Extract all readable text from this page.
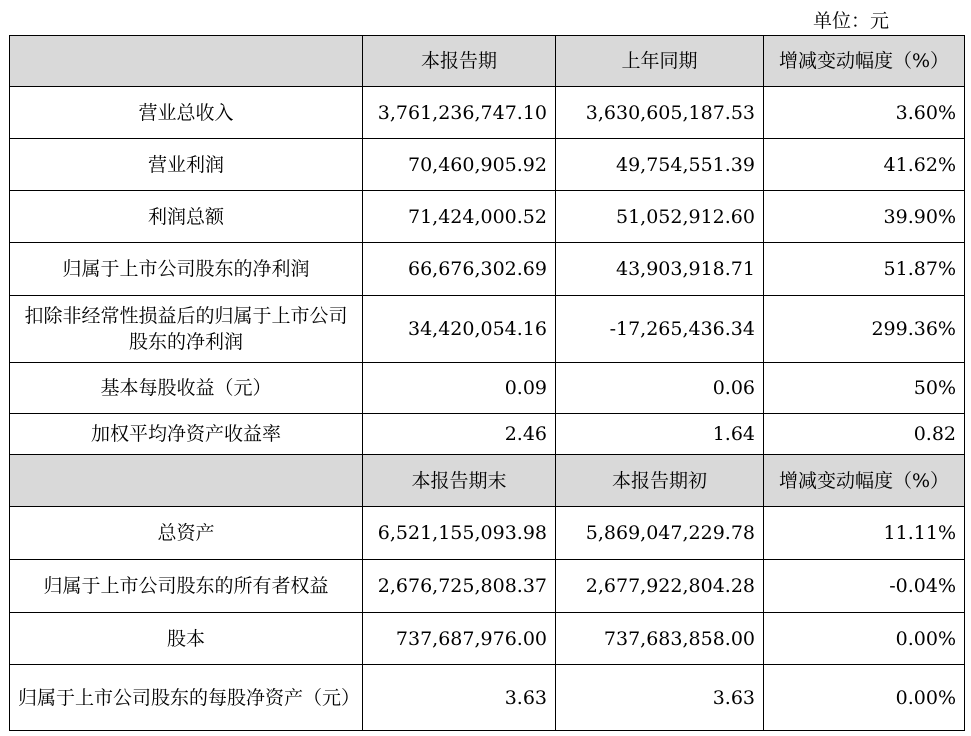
单位：元
	本报告期	上年同期	增减变动幅度（%）
营业总收入	3,761,236,747.10	3,630,605,187.53	3.60%
营业利润	70,460,905.92	49,754,551.39	41.62%
利润总额	71,424,000.52	51,052,912.60	39.90%
归属于上市公司股东的净利润	66,676,302.69	43,903,918.71	51.87%
扣除非经常性损益后的归属于上市公司股东的净利润	34,420,054.16	-17,265,436.34	299.36%
基本每股收益（元）	0.09	0.06	50%
加权平均净资产收益率	2.46	1.64	0.82
	本报告期末	本报告期初	增减变动幅度（%）
总资产	6,521,155,093.98	5,869,047,229.78	11.11%
归属于上市公司股东的所有者权益	2,676,725,808.37	2,677,922,804.28	-0.04%
股本	737,687,976.00	737,683,858.00	0.00%
归属于上市公司股东的每股净资产（元）	3.63	3.63	0.00%
